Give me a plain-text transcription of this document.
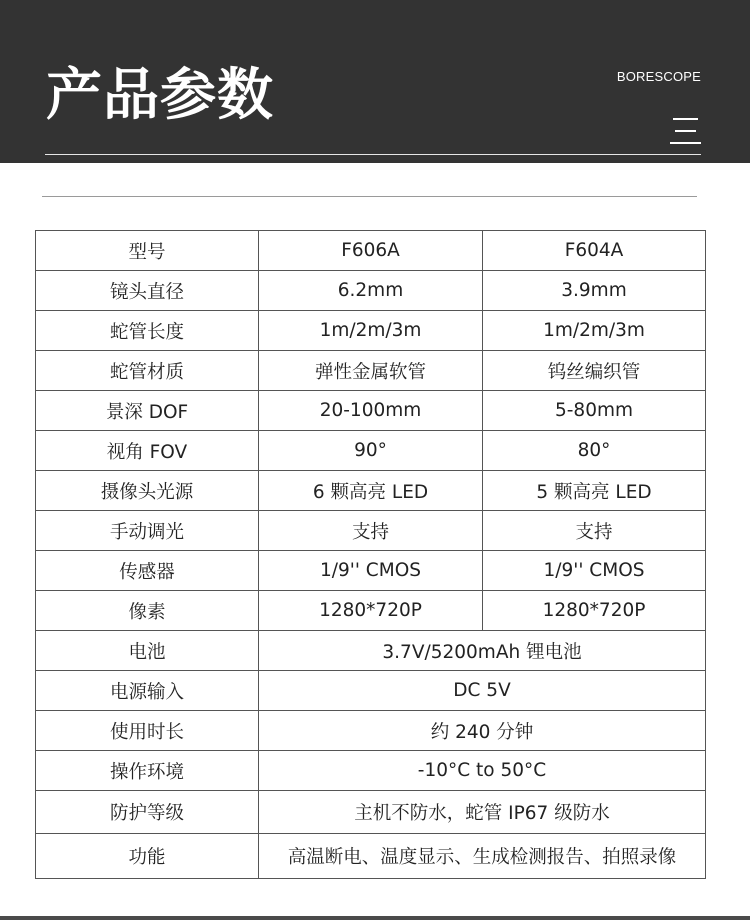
产品参数	BORESCOPE
型号	F606A	F604A
镜头直径	6.2mm	3.9mm
蛇管长度	1m/2m/3m	1m/2m/3m
蛇管材质	弹性金属软管	钨丝编织管
景深 DOF	20-100mm	5-80mm
视角 FOV	90°	80°
摄像头光源	6 颗高亮 LED	5 颗高亮 LED
手动调光	支持	支持
传感器	1/9'' CMOS	1/9'' CMOS
像素	1280*720P	1280*720P
电池	3.7V/5200mAh 锂电池	
电源输入	DC 5V	
使用时长	约 240 分钟	
操作环境	-10°C to 50°C	
防护等级	主机不防水，蛇管 IP67 级防水	
功能	高温断电、温度显示、生成检测报告、拍照录像	
